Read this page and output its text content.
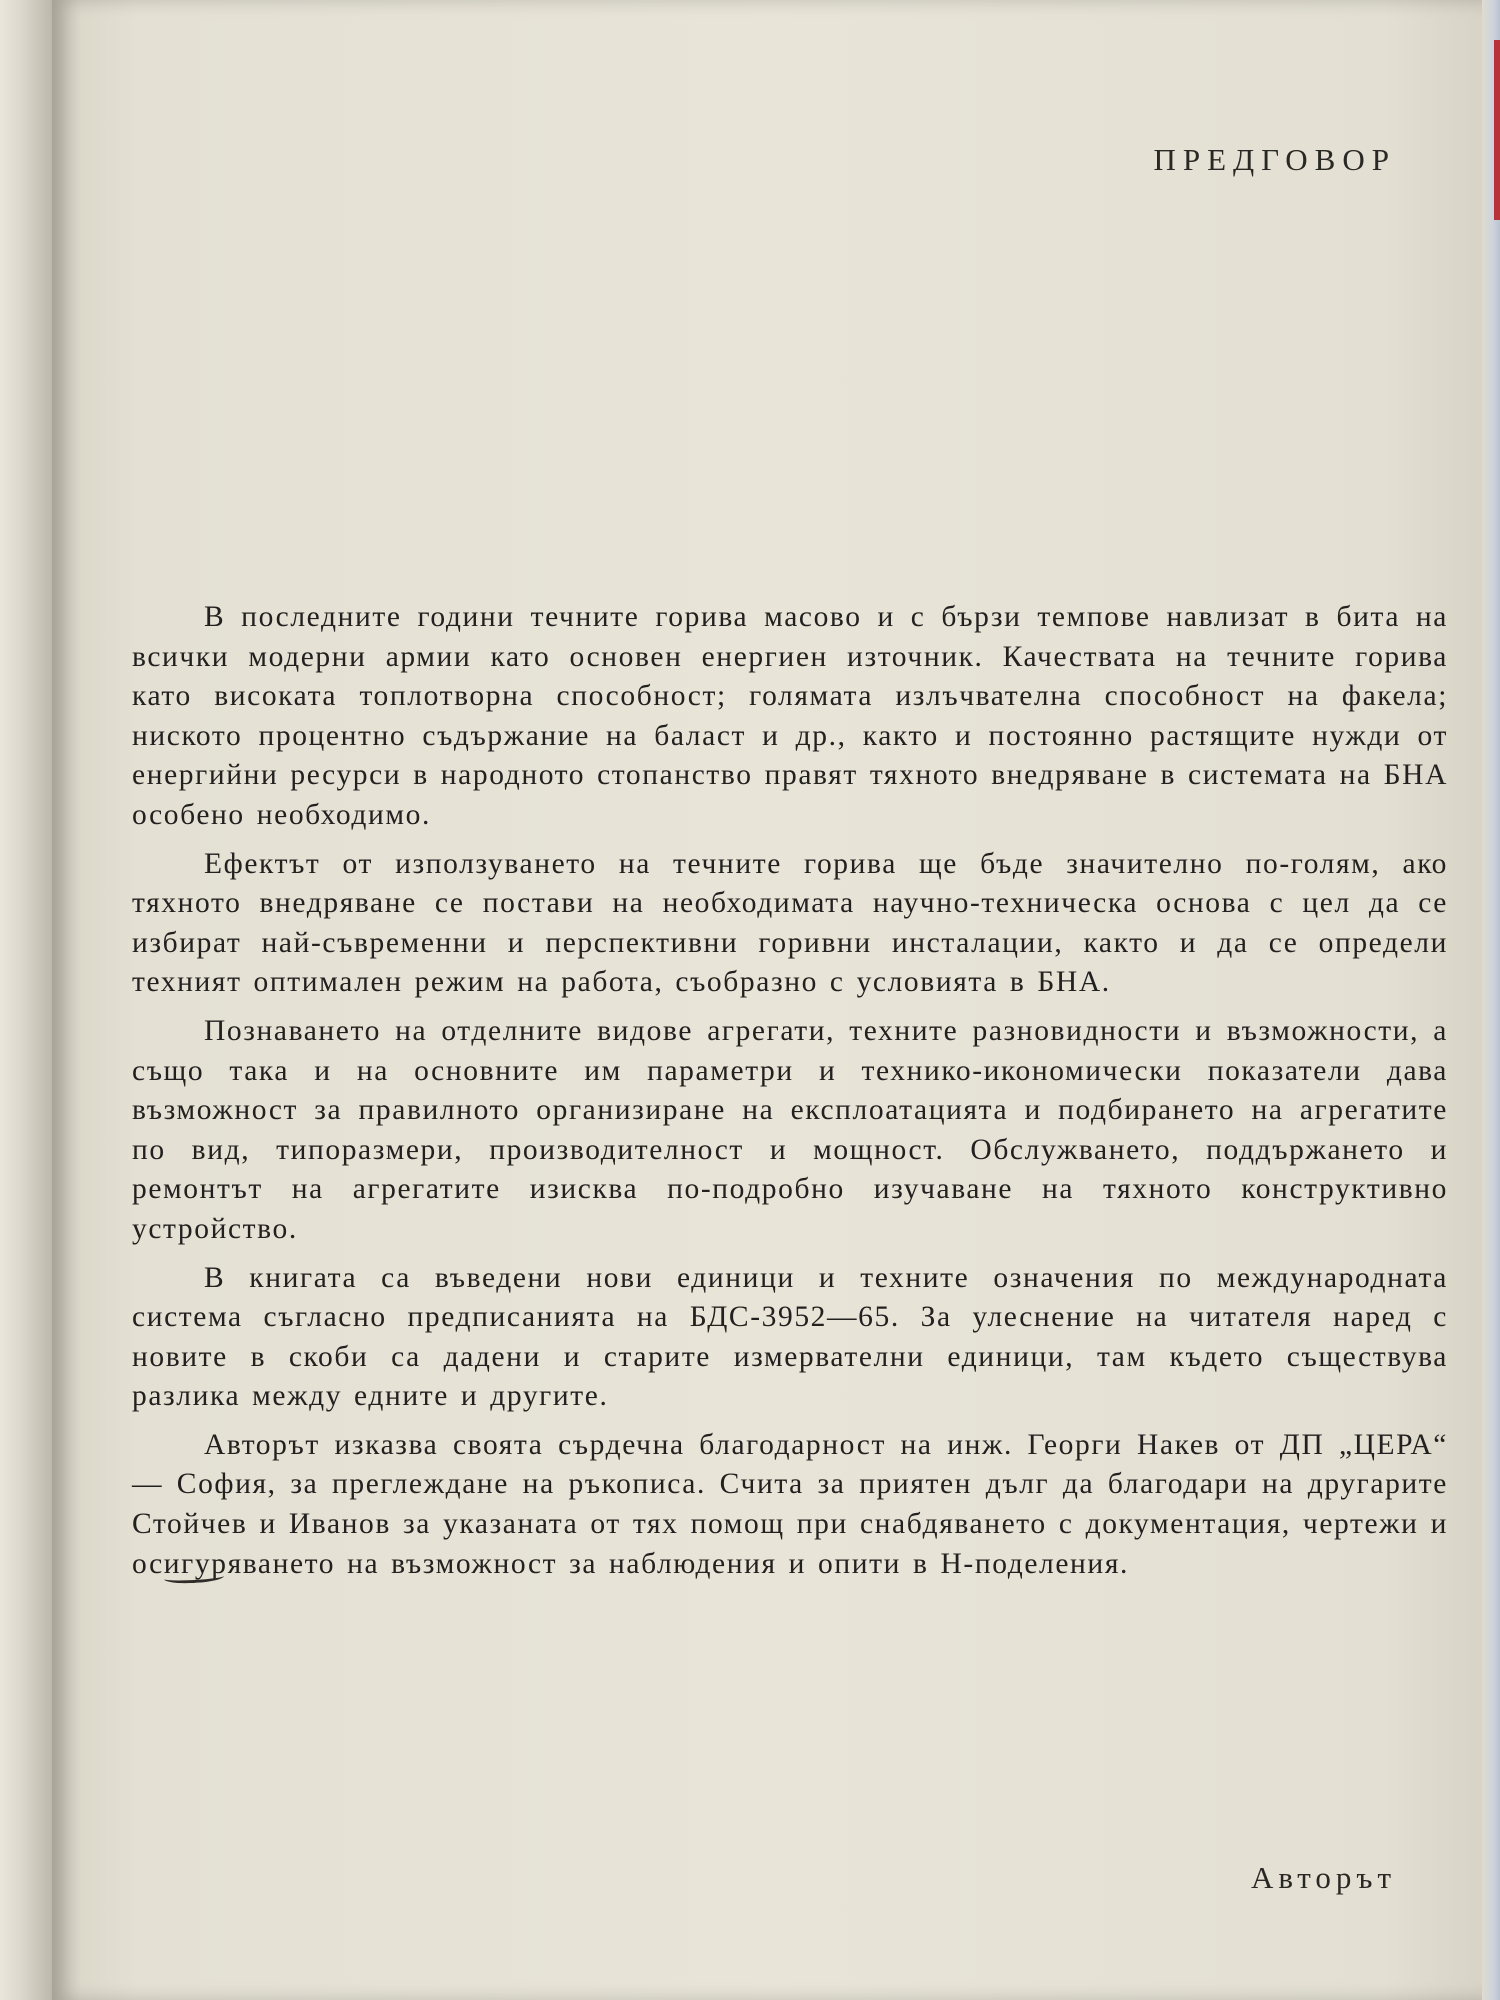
ПРЕДГОВОР

В последните години течните горива масово и с бързи темпове навлизат в бита на всички модерни армии като основен енергиен източник. Качествата на течните горива като високата топлотворна способност; голямата излъчвателна способност на факела; ниското процентно съдържание на баласт и др., както и постоянно растящите нужди от енергийни ресурси в народното стопанство правят тяхното внедряване в системата на БНА особено необходимо.

Ефектът от използуването на течните горива ще бъде значително по-голям, ако тяхното внедряване се постави на необходимата научно-техническа основа с цел да се избират най-съвременни и перспективни горивни инсталации, както и да се определи техният оптимален режим на работа, съобразно с условията в БНА.

Познаването на отделните видове агрегати, техните разновидности и възможности, а също така и на основните им параметри и технико-икономически показатели дава възможност за правилното организиране на експлоатацията и подбирането на агрегатите по вид, типоразмери, производителност и мощност. Обслужването, поддържането и ремонтът на агрегатите изисква по-подробно изучаване на тяхното конструктивно устройство.

В книгата са въведени нови единици и техните означения по международната система съгласно предписанията на БДС-3952—65. За улеснение на читателя наред с новите в скоби са дадени и старите измервателни единици, там където съществува разлика между едните и другите.

Авторът изказва своята сърдечна благодарност на инж. Георги Накев от ДП „ЦЕРА“ — София, за преглеждане на ръкописа. Счита за приятен дълг да благодари на другарите Стойчев и Иванов за указаната от тях помощ при снабдяването с документация, чертежи и осигуряването на възможност за наблюдения и опити в Н-поделения.

Авторът
